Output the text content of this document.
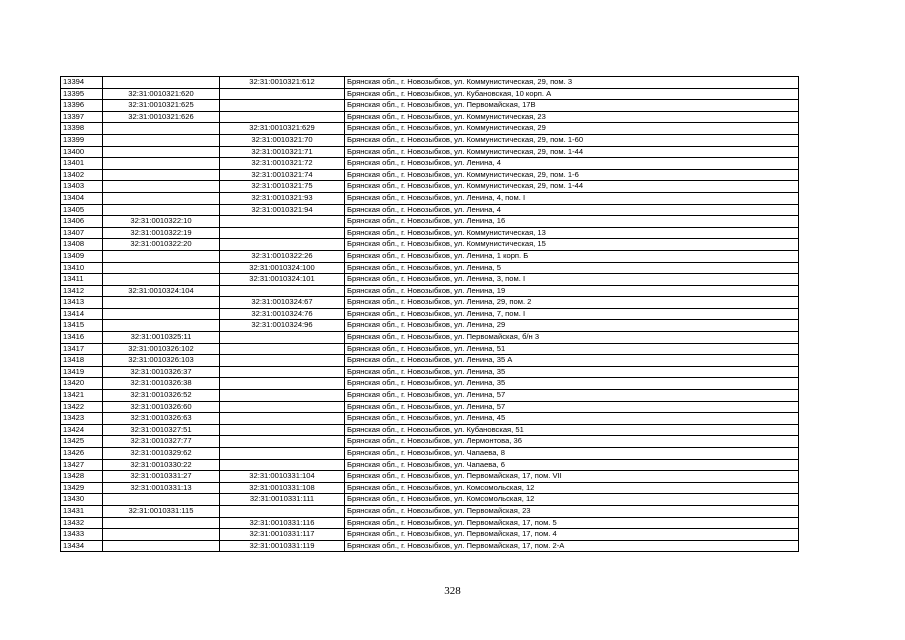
13394		32:31:0010321:612	Брянская обл., г. Новозыбков, ул. Коммунистическая, 29, пом. 3
13395	32:31:0010321:620		Брянская обл., г. Новозыбков, ул. Кубановская, 10 корп. А
13396	32:31:0010321:625		Брянская обл., г. Новозыбков, ул. Первомайская, 17В
13397	32:31:0010321:626		Брянская обл., г. Новозыбков, ул. Коммунистическая, 23
13398		32:31:0010321:629	Брянская обл., г. Новозыбков, ул. Коммунистическая, 29
13399		32:31:0010321:70	Брянская обл., г. Новозыбков, ул. Коммунистическая, 29, пом. 1-60
13400		32:31:0010321:71	Брянская обл., г. Новозыбков, ул. Коммунистическая, 29, пом. 1-44
13401		32:31:0010321:72	Брянская обл., г. Новозыбков, ул. Ленина, 4
13402		32:31:0010321:74	Брянская обл., г. Новозыбков, ул. Коммунистическая, 29, пом. 1-6
13403		32:31:0010321:75	Брянская обл., г. Новозыбков, ул. Коммунистическая, 29, пом. 1-44
13404		32:31:0010321:93	Брянская обл., г. Новозыбков, ул. Ленина, 4, пом. I
13405		32:31:0010321:94	Брянская обл., г. Новозыбков, ул. Ленина, 4
13406	32:31:0010322:10		Брянская обл., г. Новозыбков, ул. Ленина, 16
13407	32:31:0010322:19		Брянская обл., г. Новозыбков, ул. Коммунистическая, 13
13408	32:31:0010322:20		Брянская обл., г. Новозыбков, ул. Коммунистическая, 15
13409		32:31:0010322:26	Брянская обл., г. Новозыбков, ул. Ленина, 1 корп. Б
13410		32:31:0010324:100	Брянская обл., г. Новозыбков, ул. Ленина, 5
13411		32:31:0010324:101	Брянская обл., г. Новозыбков, ул. Ленина, 3, пом. I
13412	32:31:0010324:104		Брянская обл., г. Новозыбков, ул. Ленина, 19
13413		32:31:0010324:67	Брянская обл., г. Новозыбков, ул. Ленина, 29, пом. 2
13414		32:31:0010324:76	Брянская обл., г. Новозыбков, ул. Ленина, 7, пом. I
13415		32:31:0010324:96	Брянская обл., г. Новозыбков, ул. Ленина, 29
13416	32:31:0010325:11		Брянская обл., г. Новозыбков, ул. Первомайская, б/н 3
13417	32:31:0010326:102		Брянская обл., г. Новозыбков, ул. Ленина, 51
13418	32:31:0010326:103		Брянская обл., г. Новозыбков, ул. Ленина, 35 А
13419	32:31:0010326:37		Брянская обл., г. Новозыбков, ул. Ленина, 35
13420	32:31:0010326:38		Брянская обл., г. Новозыбков, ул. Ленина, 35
13421	32:31:0010326:52		Брянская обл., г. Новозыбков, ул. Ленина, 57
13422	32:31:0010326:60		Брянская обл., г. Новозыбков, ул. Ленина, 57
13423	32:31:0010326:63		Брянская обл., г. Новозыбков, ул. Ленина, 45
13424	32:31:0010327:51		Брянская обл., г. Новозыбков, ул. Кубановская, 51
13425	32:31:0010327:77		Брянская обл., г. Новозыбков, ул. Лермонтова, 36
13426	32:31:0010329:62		Брянская обл., г. Новозыбков, ул. Чапаева, 8
13427	32:31:0010330:22		Брянская обл., г. Новозыбков, ул. Чапаева, 6
13428	32:31:0010331:27	32:31:0010331:104	Брянская обл., г. Новозыбков, ул. Первомайская, 17, пом. VII
13429	32:31:0010331:13	32:31:0010331:108	Брянская обл., г. Новозыбков, ул. Комсомольская, 12
13430		32:31:0010331:111	Брянская обл., г. Новозыбков, ул. Комсомольская, 12
13431	32:31:0010331:115		Брянская обл., г. Новозыбков, ул. Первомайская, 23
13432		32:31:0010331:116	Брянская обл., г. Новозыбков, ул. Первомайская, 17, пом. 5
13433		32:31:0010331:117	Брянская обл., г. Новозыбков, ул. Первомайская, 17, пом. 4
13434		32:31:0010331:119	Брянская обл., г. Новозыбков, ул. Первомайская, 17, пом. 2-А
328
